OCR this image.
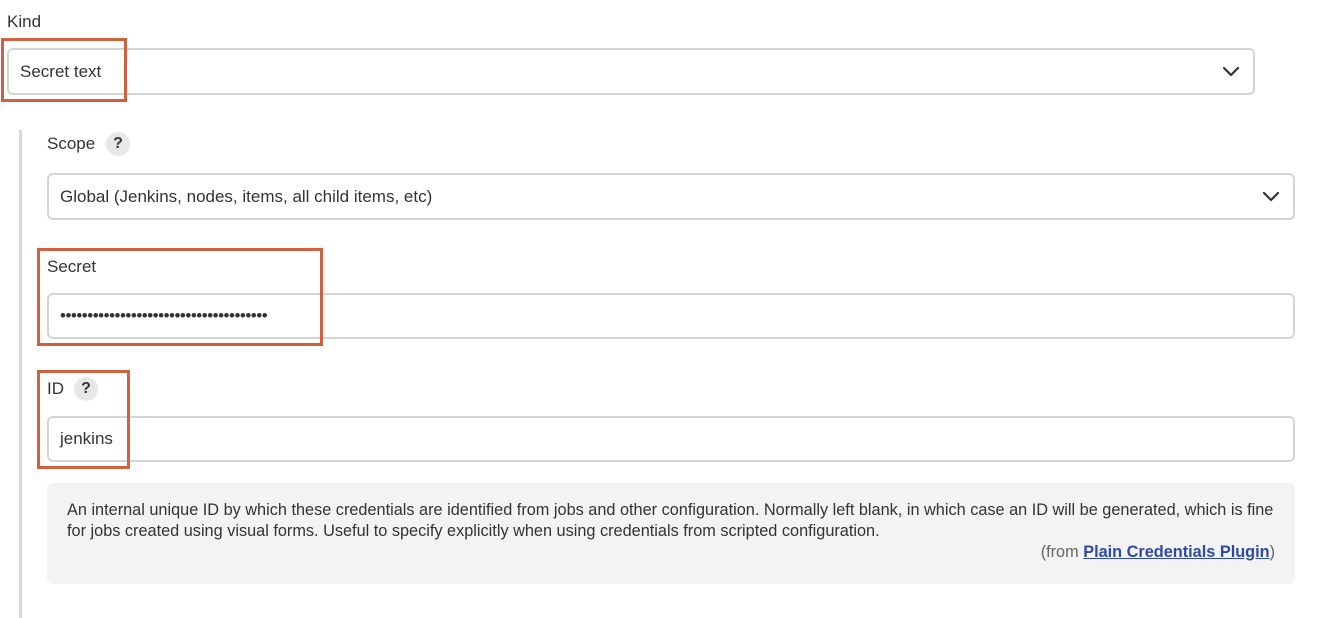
Kind
Secret text
Scope	?
Global (Jenkins, nodes, items, all child items, etc)
Secret
••••••••••••••••••••••••••••••••••••••
ID	?
jenkins
An internal unique ID by which these credentials are identified from jobs and other configuration. Normally left blank, in which case an ID will be generated, which is fine for jobs created using visual forms. Useful to specify explicitly when using credentials from scripted configuration.
(from Plain Credentials Plugin)
